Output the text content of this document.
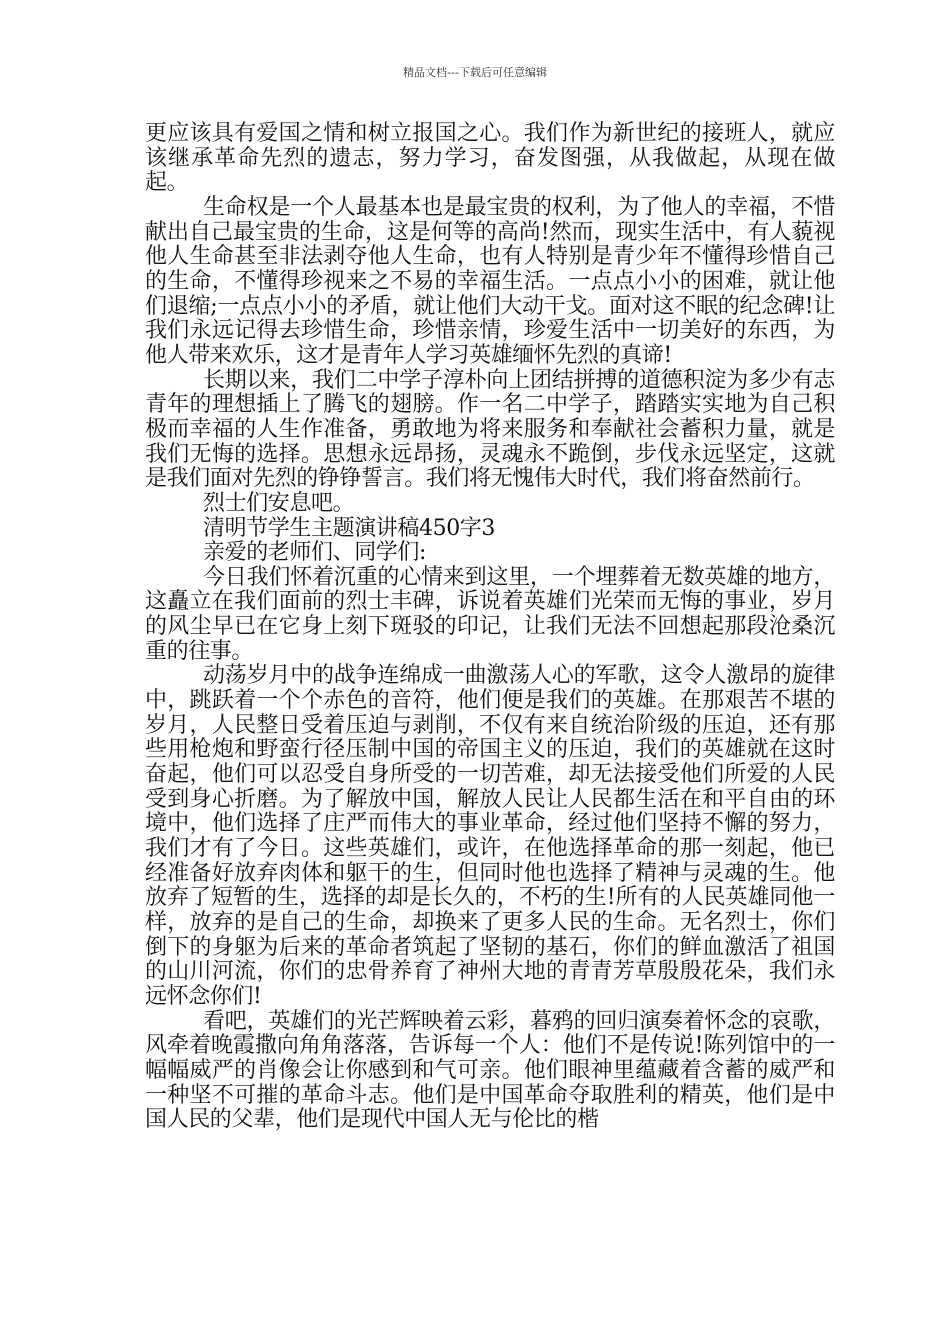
精品文档---下载后可任意编辑

更应该具有爱国之情和树立报国之心。我们作为新世纪的接班人，就应该继承革命先烈的遗志，努力学习，奋发图强，从我做起，从现在做起。

生命权是一个人最基本也是最宝贵的权利，为了他人的幸福，不惜献出自己最宝贵的生命，这是何等的高尚!然而，现实生活中，有人藐视他人生命甚至非法剥夺他人生命，也有人特别是青少年不懂得珍惜自己的生命，不懂得珍视来之不易的幸福生活。一点点小小的困难，就让他们退缩;一点点小小的矛盾，就让他们大动干戈。面对这不眠的纪念碑!让我们永远记得去珍惜生命，珍惜亲情，珍爱生活中一切美好的东西，为他人带来欢乐，这才是青年人学习英雄缅怀先烈的真谛!

长期以来，我们二中学子淳朴向上团结拼搏的道德积淀为多少有志青年的理想插上了腾飞的翅膀。作一名二中学子，踏踏实实地为自己积极而幸福的人生作准备，勇敢地为将来服务和奉献社会蓄积力量，就是我们无悔的选择。思想永远昂扬，灵魂永不跪倒，步伐永远坚定，这就是我们面对先烈的铮铮誓言。我们将无愧伟大时代，我们将奋然前行。

烈士们安息吧。

清明节学生主题演讲稿450字3

亲爱的老师们、同学们:

今日我们怀着沉重的心情来到这里，一个埋葬着无数英雄的地方，这矗立在我们面前的烈士丰碑，诉说着英雄们光荣而无悔的事业，岁月的风尘早已在它身上刻下斑驳的印记，让我们无法不回想起那段沧桑沉重的往事。

动荡岁月中的战争连绵成一曲激荡人心的军歌，这令人激昂的旋律中，跳跃着一个个赤色的音符，他们便是我们的英雄。在那艰苦不堪的岁月，人民整日受着压迫与剥削，不仅有来自统治阶级的压迫，还有那些用枪炮和野蛮行径压制中国的帝国主义的压迫，我们的英雄就在这时奋起，他们可以忍受自身所受的一切苦难，却无法接受他们所爱的人民受到身心折磨。为了解放中国，解放人民让人民都生活在和平自由的环境中，他们选择了庄严而伟大的事业革命，经过他们坚持不懈的努力，我们才有了今日。这些英雄们，或许，在他选择革命的那一刻起，他已经准备好放弃肉体和躯干的生，但同时他也选择了精神与灵魂的生。他放弃了短暂的生，选择的却是长久的，不朽的生!所有的人民英雄同他一样，放弃的是自己的生命，却换来了更多人民的生命。无名烈士，你们倒下的身躯为后来的革命者筑起了坚韧的基石，你们的鲜血激活了祖国的山川河流，你们的忠骨养育了神州大地的青青芳草殷殷花朵，我们永远怀念你们!

看吧，英雄们的光芒辉映着云彩，暮鸦的回归演奏着怀念的哀歌，风牵着晚霞撒向角角落落，告诉每一个人：他们不是传说!陈列馆中的一幅幅威严的肖像会让你感到和气可亲。他们眼神里蕴藏着含蓄的威严和一种坚不可摧的革命斗志。他们是中国革命夺取胜利的精英，他们是中国人民的父辈，他们是现代中国人无与伦比的楷
